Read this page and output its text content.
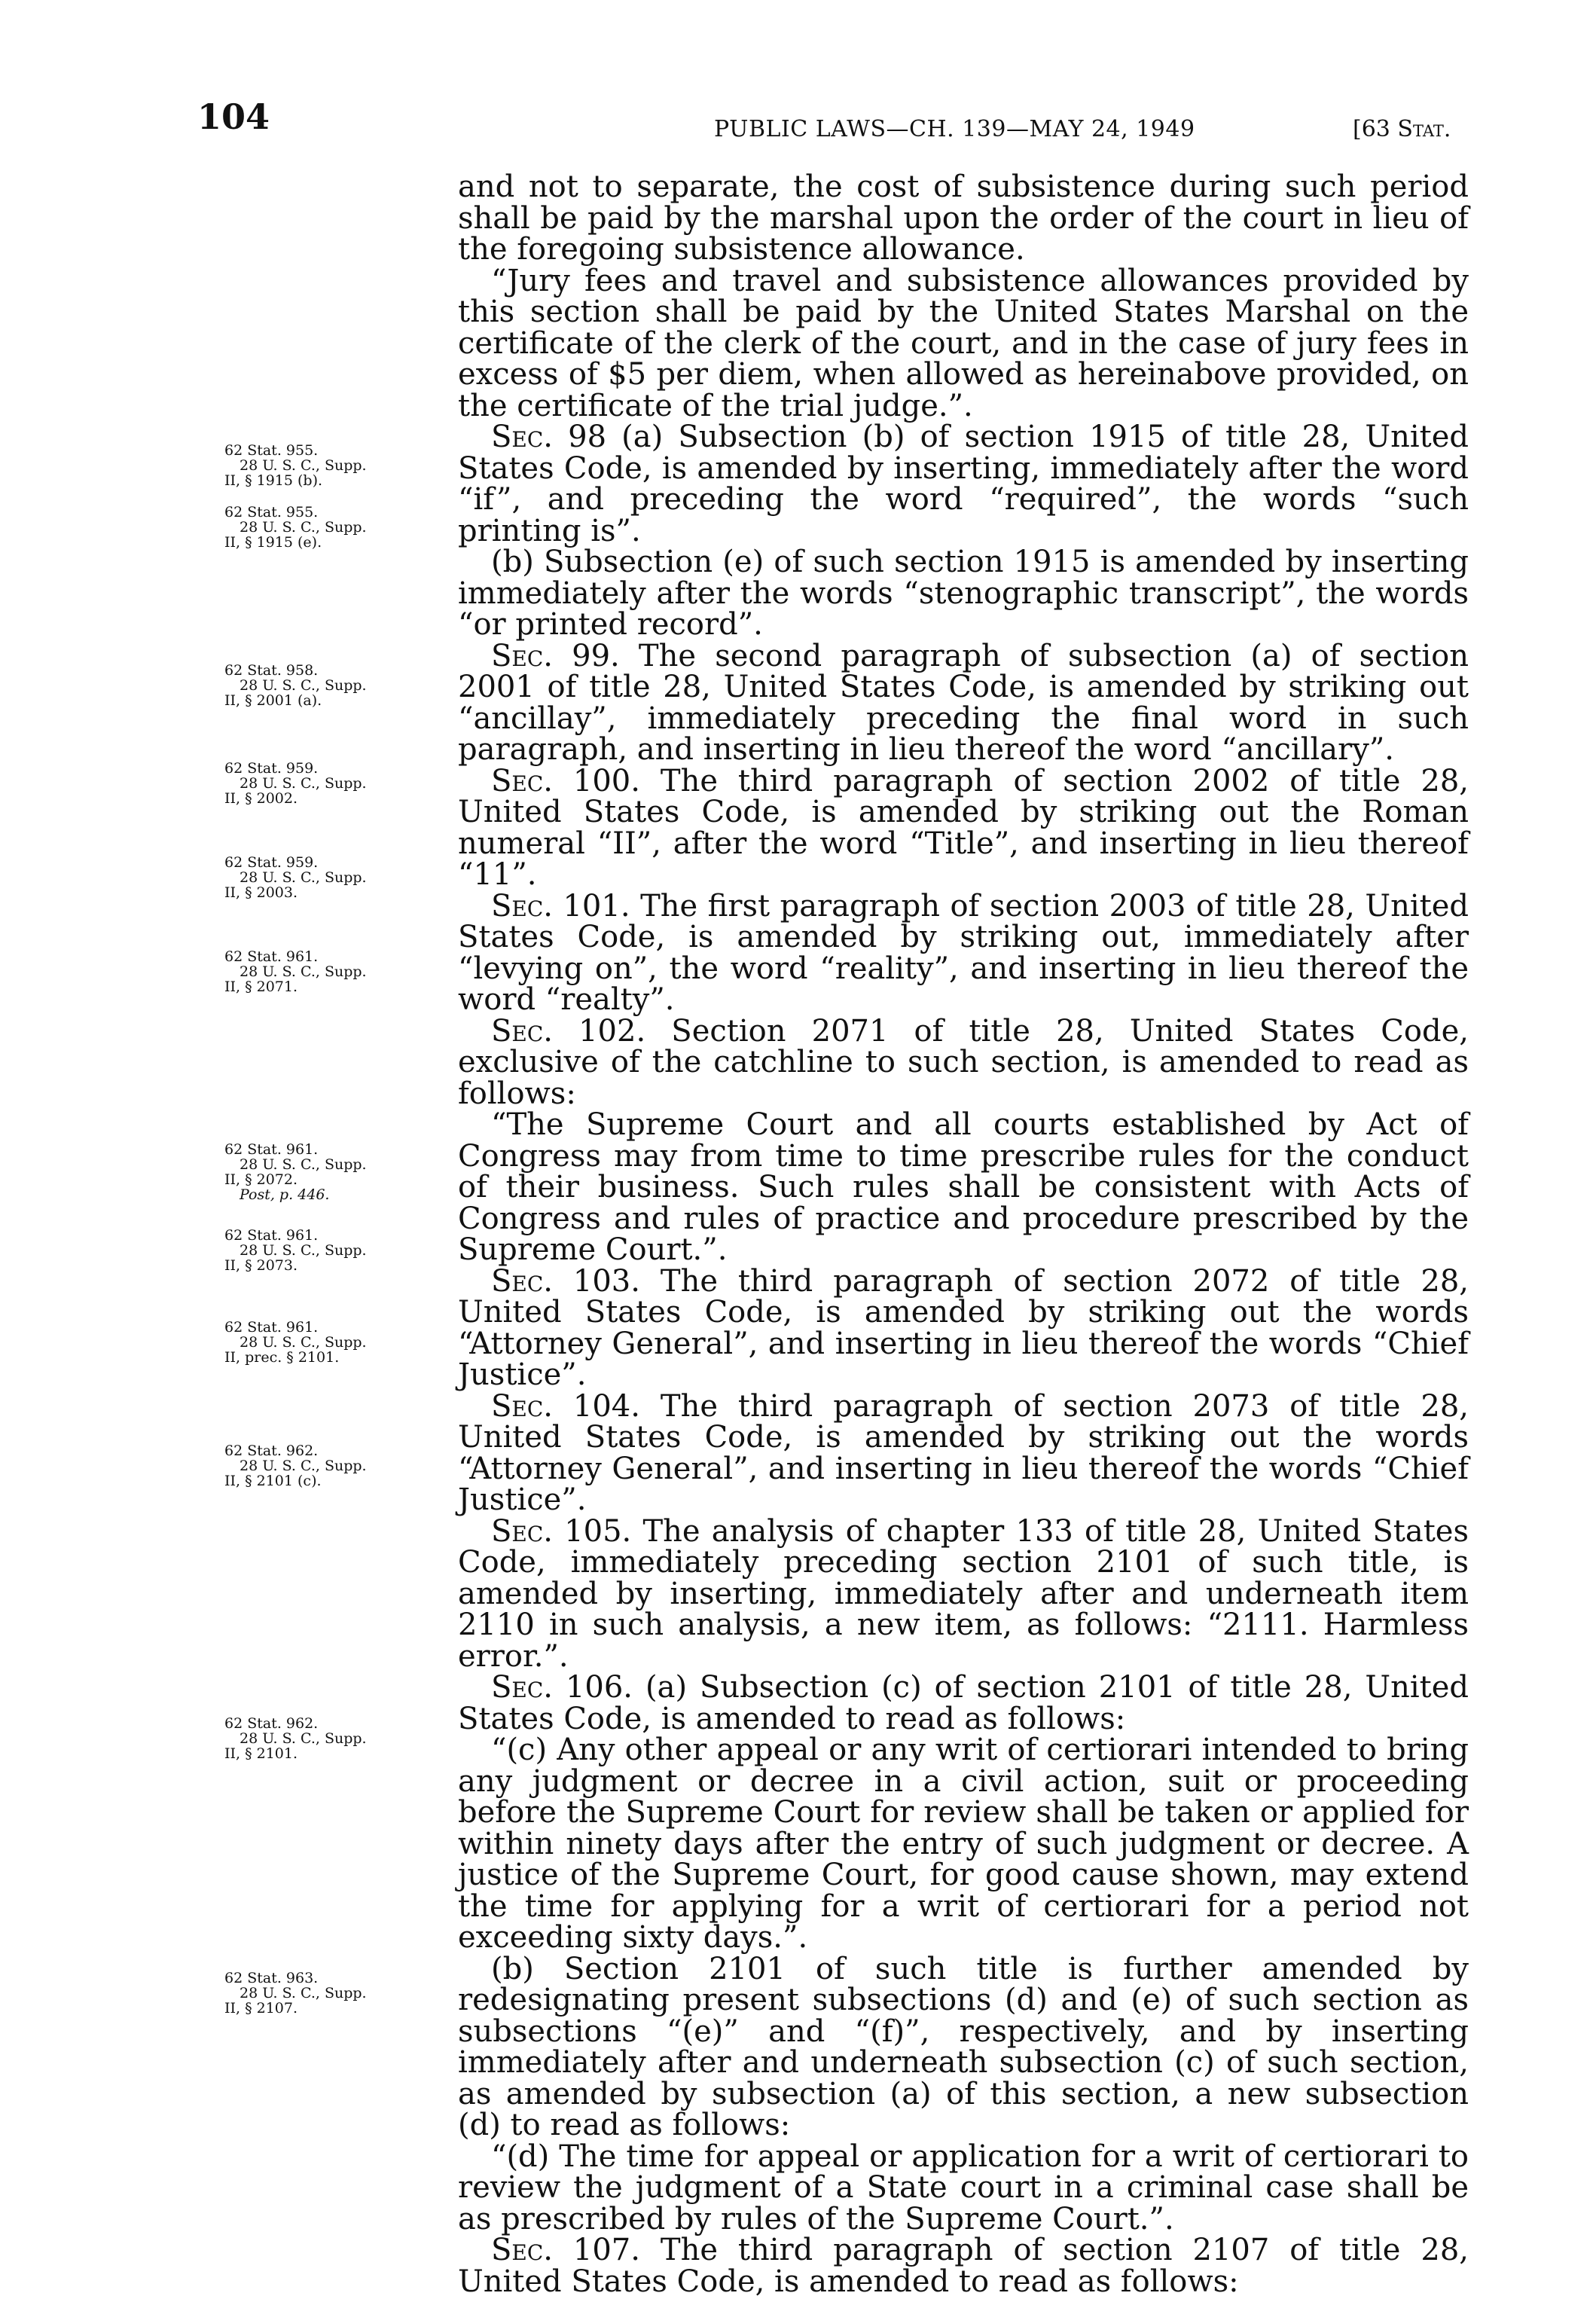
104	PUBLIC LAWS—CH. 139—MAY 24, 1949	[63 Stat.
62 Stat. 955.
28 U. S. C., Supp.
II, § 1915 (b).
62 Stat. 955.
28 U. S. C., Supp.
II, § 1915 (e).
62 Stat. 958.
28 U. S. C., Supp.
II, § 2001 (a).
62 Stat. 959.
28 U. S. C., Supp.
II, § 2002.
62 Stat. 959.
28 U. S. C., Supp.
II, § 2003.
62 Stat. 961.
28 U. S. C., Supp.
II, § 2071.
62 Stat. 961.
28 U. S. C., Supp.
II, § 2072.
Post, p. 446.
62 Stat. 961.
28 U. S. C., Supp.
II, § 2073.
62 Stat. 961.
28 U. S. C., Supp.
II, prec. § 2101.
62 Stat. 962.
28 U. S. C., Supp.
II, § 2101 (c).
62 Stat. 962.
28 U. S. C., Supp.
II, § 2101.
62 Stat. 963.
28 U. S. C., Supp.
II, § 2107.

and not to separate, the cost of subsistence during such period shall be paid by the marshal upon the order of the court in lieu of the foregoing subsistence allowance.

“Jury fees and travel and subsistence allowances provided by this section shall be paid by the United States Marshal on the certificate of the clerk of the court, and in the case of jury fees in excess of $5 per diem, when allowed as hereinabove provided, on the certificate of the trial judge.”.

Sec. 98 (a) Subsection (b) of section 1915 of title 28, United States Code, is amended by inserting, immediately after the word “if”, and preceding the word “required”, the words “such printing is”.

(b) Subsection (e) of such section 1915 is amended by inserting immediately after the words “stenographic transcript”, the words “or printed record”.

Sec. 99. The second paragraph of subsection (a) of section 2001 of title 28, United States Code, is amended by striking out “ancillay”, immediately preceding the final word in such paragraph, and inserting in lieu thereof the word “ancillary”.

Sec. 100. The third paragraph of section 2002 of title 28, United States Code, is amended by striking out the Roman numeral “II”, after the word “Title”, and inserting in lieu thereof “11”.

Sec. 101. The first paragraph of section 2003 of title 28, United States Code, is amended by striking out, immediately after “levying on”, the word “reality”, and inserting in lieu thereof the word “realty”.

Sec. 102. Section 2071 of title 28, United States Code, exclusive of the catchline to such section, is amended to read as follows:

“The Supreme Court and all courts established by Act of Congress may from time to time prescribe rules for the conduct of their business. Such rules shall be consistent with Acts of Congress and rules of practice and procedure prescribed by the Supreme Court.”.

Sec. 103. The third paragraph of section 2072 of title 28, United States Code, is amended by striking out the words “Attorney General”, and inserting in lieu thereof the words “Chief Justice”.

Sec. 104. The third paragraph of section 2073 of title 28, United States Code, is amended by striking out the words “Attorney General”, and inserting in lieu thereof the words “Chief Justice”.

Sec. 105. The analysis of chapter 133 of title 28, United States Code, immediately preceding section 2101 of such title, is amended by inserting, immediately after and underneath item 2110 in such analysis, a new item, as follows: “2111. Harmless error.”.

Sec. 106. (a) Subsection (c) of section 2101 of title 28, United States Code, is amended to read as follows:

“(c) Any other appeal or any writ of certiorari intended to bring any judgment or decree in a civil action, suit or proceeding before the Supreme Court for review shall be taken or applied for within ninety days after the entry of such judgment or decree. A justice of the Supreme Court, for good cause shown, may extend the time for applying for a writ of certiorari for a period not exceeding sixty days.”.

(b) Section 2101 of such title is further amended by redesignating present subsections (d) and (e) of such section as subsections “(e)” and “(f)”, respectively, and by inserting immediately after and underneath subsection (c) of such section, as amended by subsection (a) of this section, a new subsection (d) to read as follows:

“(d) The time for appeal or application for a writ of certiorari to review the judgment of a State court in a criminal case shall be as prescribed by rules of the Supreme Court.”.

Sec. 107. The third paragraph of section 2107 of title 28, United States Code, is amended to read as follows:
